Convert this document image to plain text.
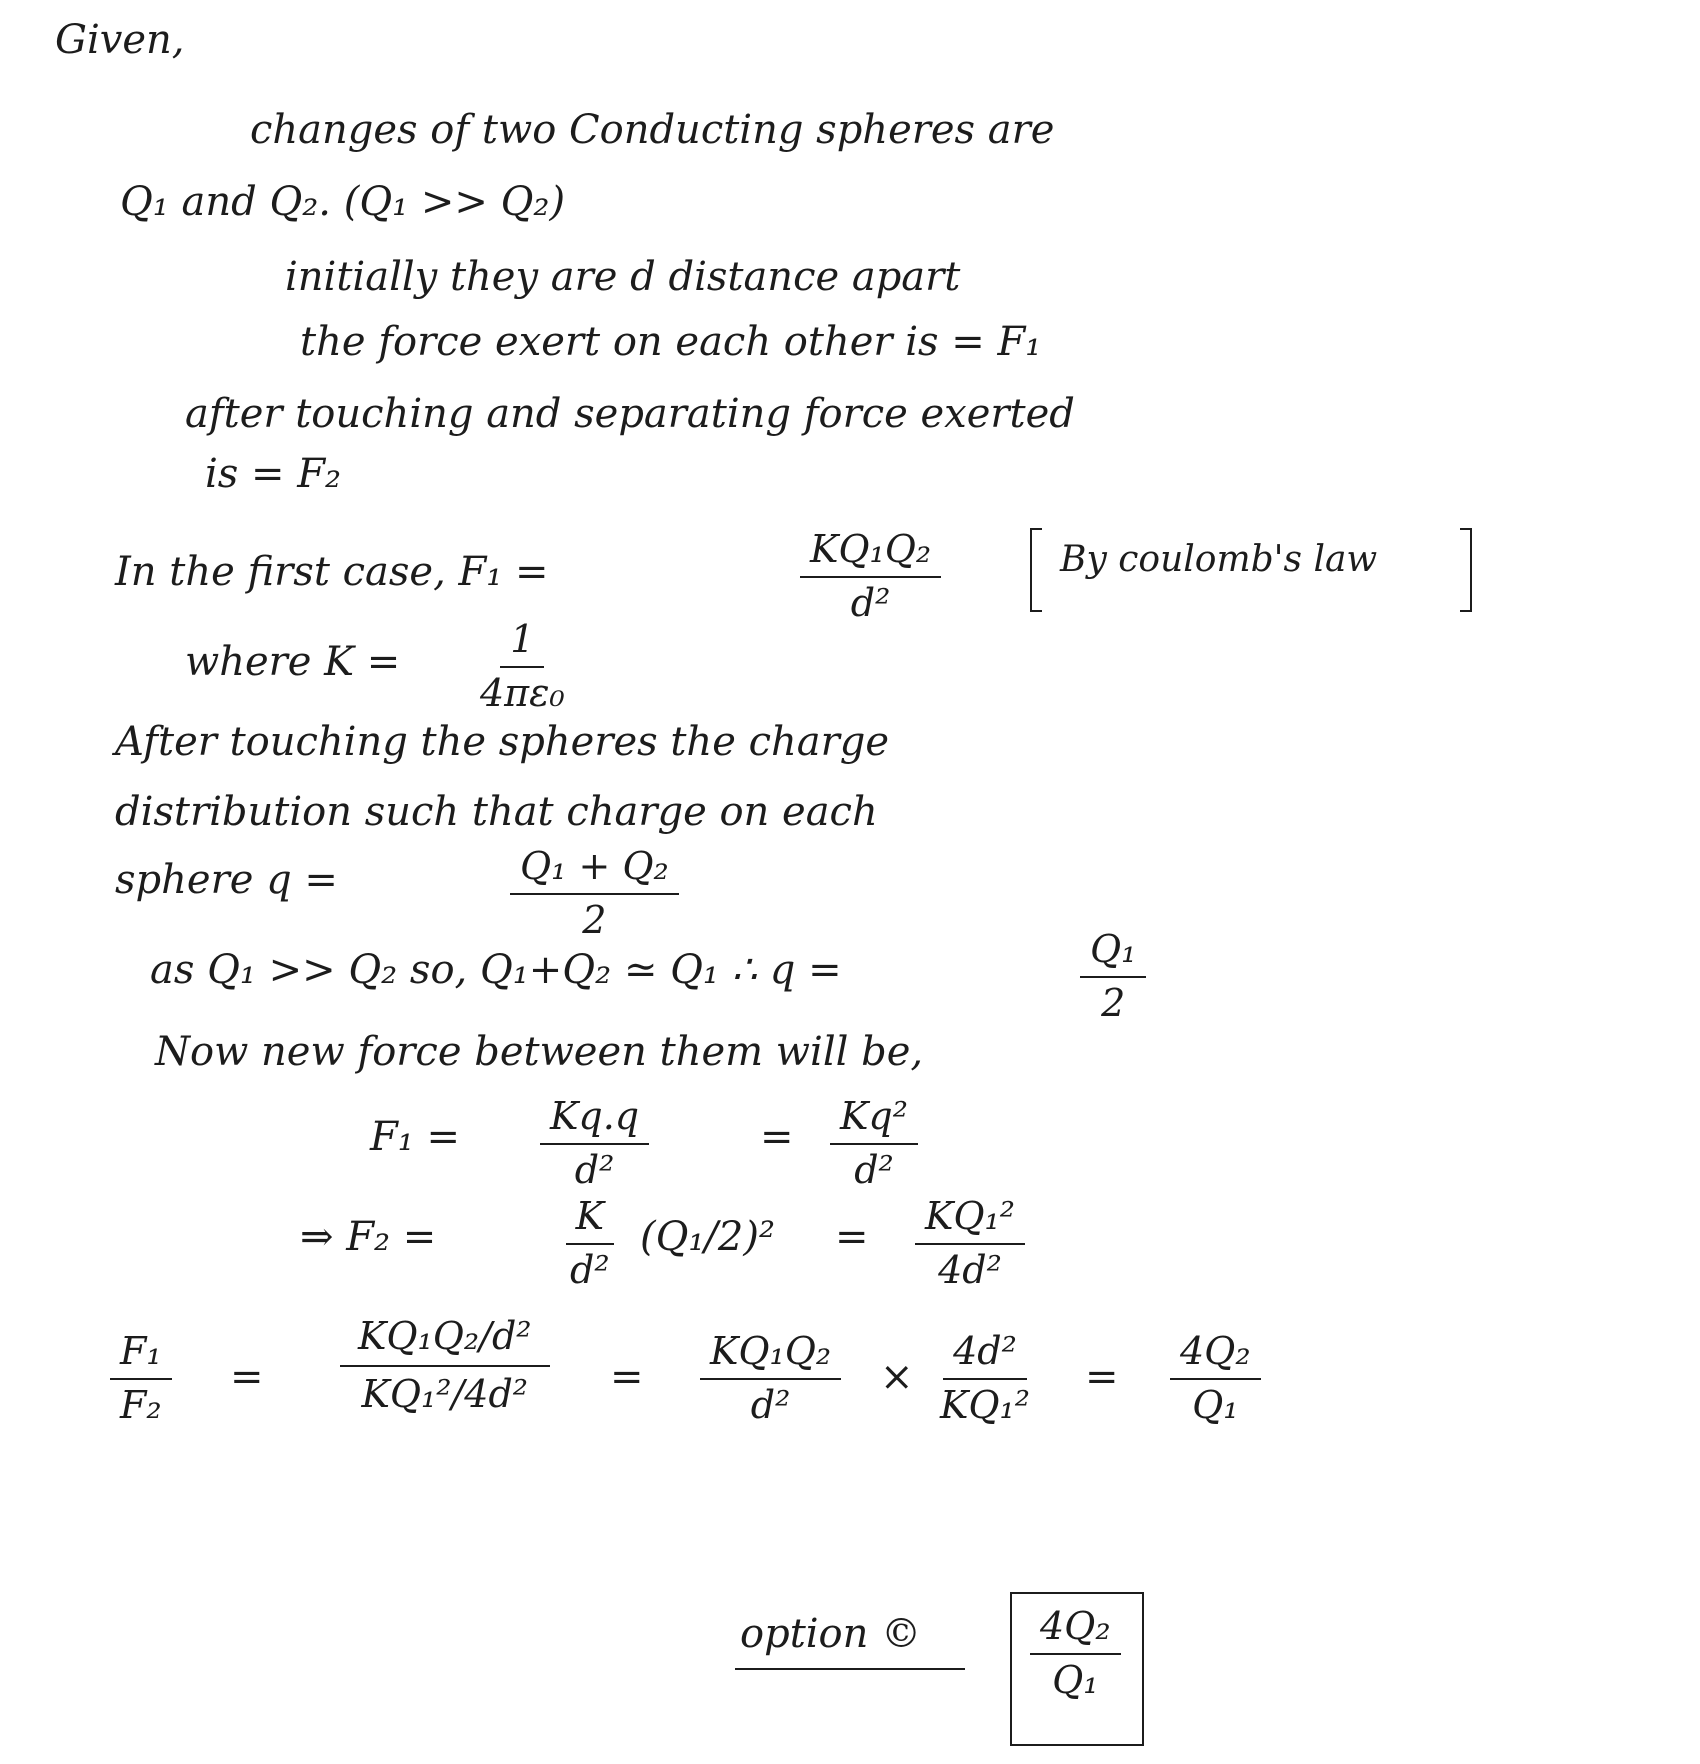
Given,
changes of two Conducting spheres are
Q₁ and Q₂. (Q₁ >> Q₂)
initially they are d distance apart
the force exert on each other is = F₁
after touching and separating force exerted
is = F₂
In the first case, F₁ =	$\frac{\text{KQ₁Q₂}}{\text{d²}}$	By coulomb's law
where $K = \frac{1}{\text{4πε₀}}$
After touching the spheres the charge
distribution such that charge on each
sphere q =	$\frac{\text{Q₁ + Q₂}}{2}$
as Q₁ >> Q₂ so, Q₁+Q₂ ≃ Q₁ ∴ q =	$\frac{\text{Q₁}}{2}$
Now new force between them will be,
$F_1 = \frac{Kq.q}{\text{d²}}$	= $\frac{\text{Kq²}}{\text{d²}}$
⇒ F₂ =	$\frac{K}{\text{d²}} (Q_1/2)^2 = \frac{\text{KQ₁²}}{\text{4d²}}$
$\frac{\text{F₁}}{\text{F₂}} = \frac{\text{KQ₁Q₂/d²}}{\text{KQ₁²/4d²}} = \frac{\text{KQ₁Q₂}}{\text{d²}} \times \frac{\text{4d²}}{\text{KQ₁²}} = \frac{\text{4Q₂}}{\text{Q₁}}$
option ©	$\frac{\text{4Q₂}}{\text{Q₁}}$
